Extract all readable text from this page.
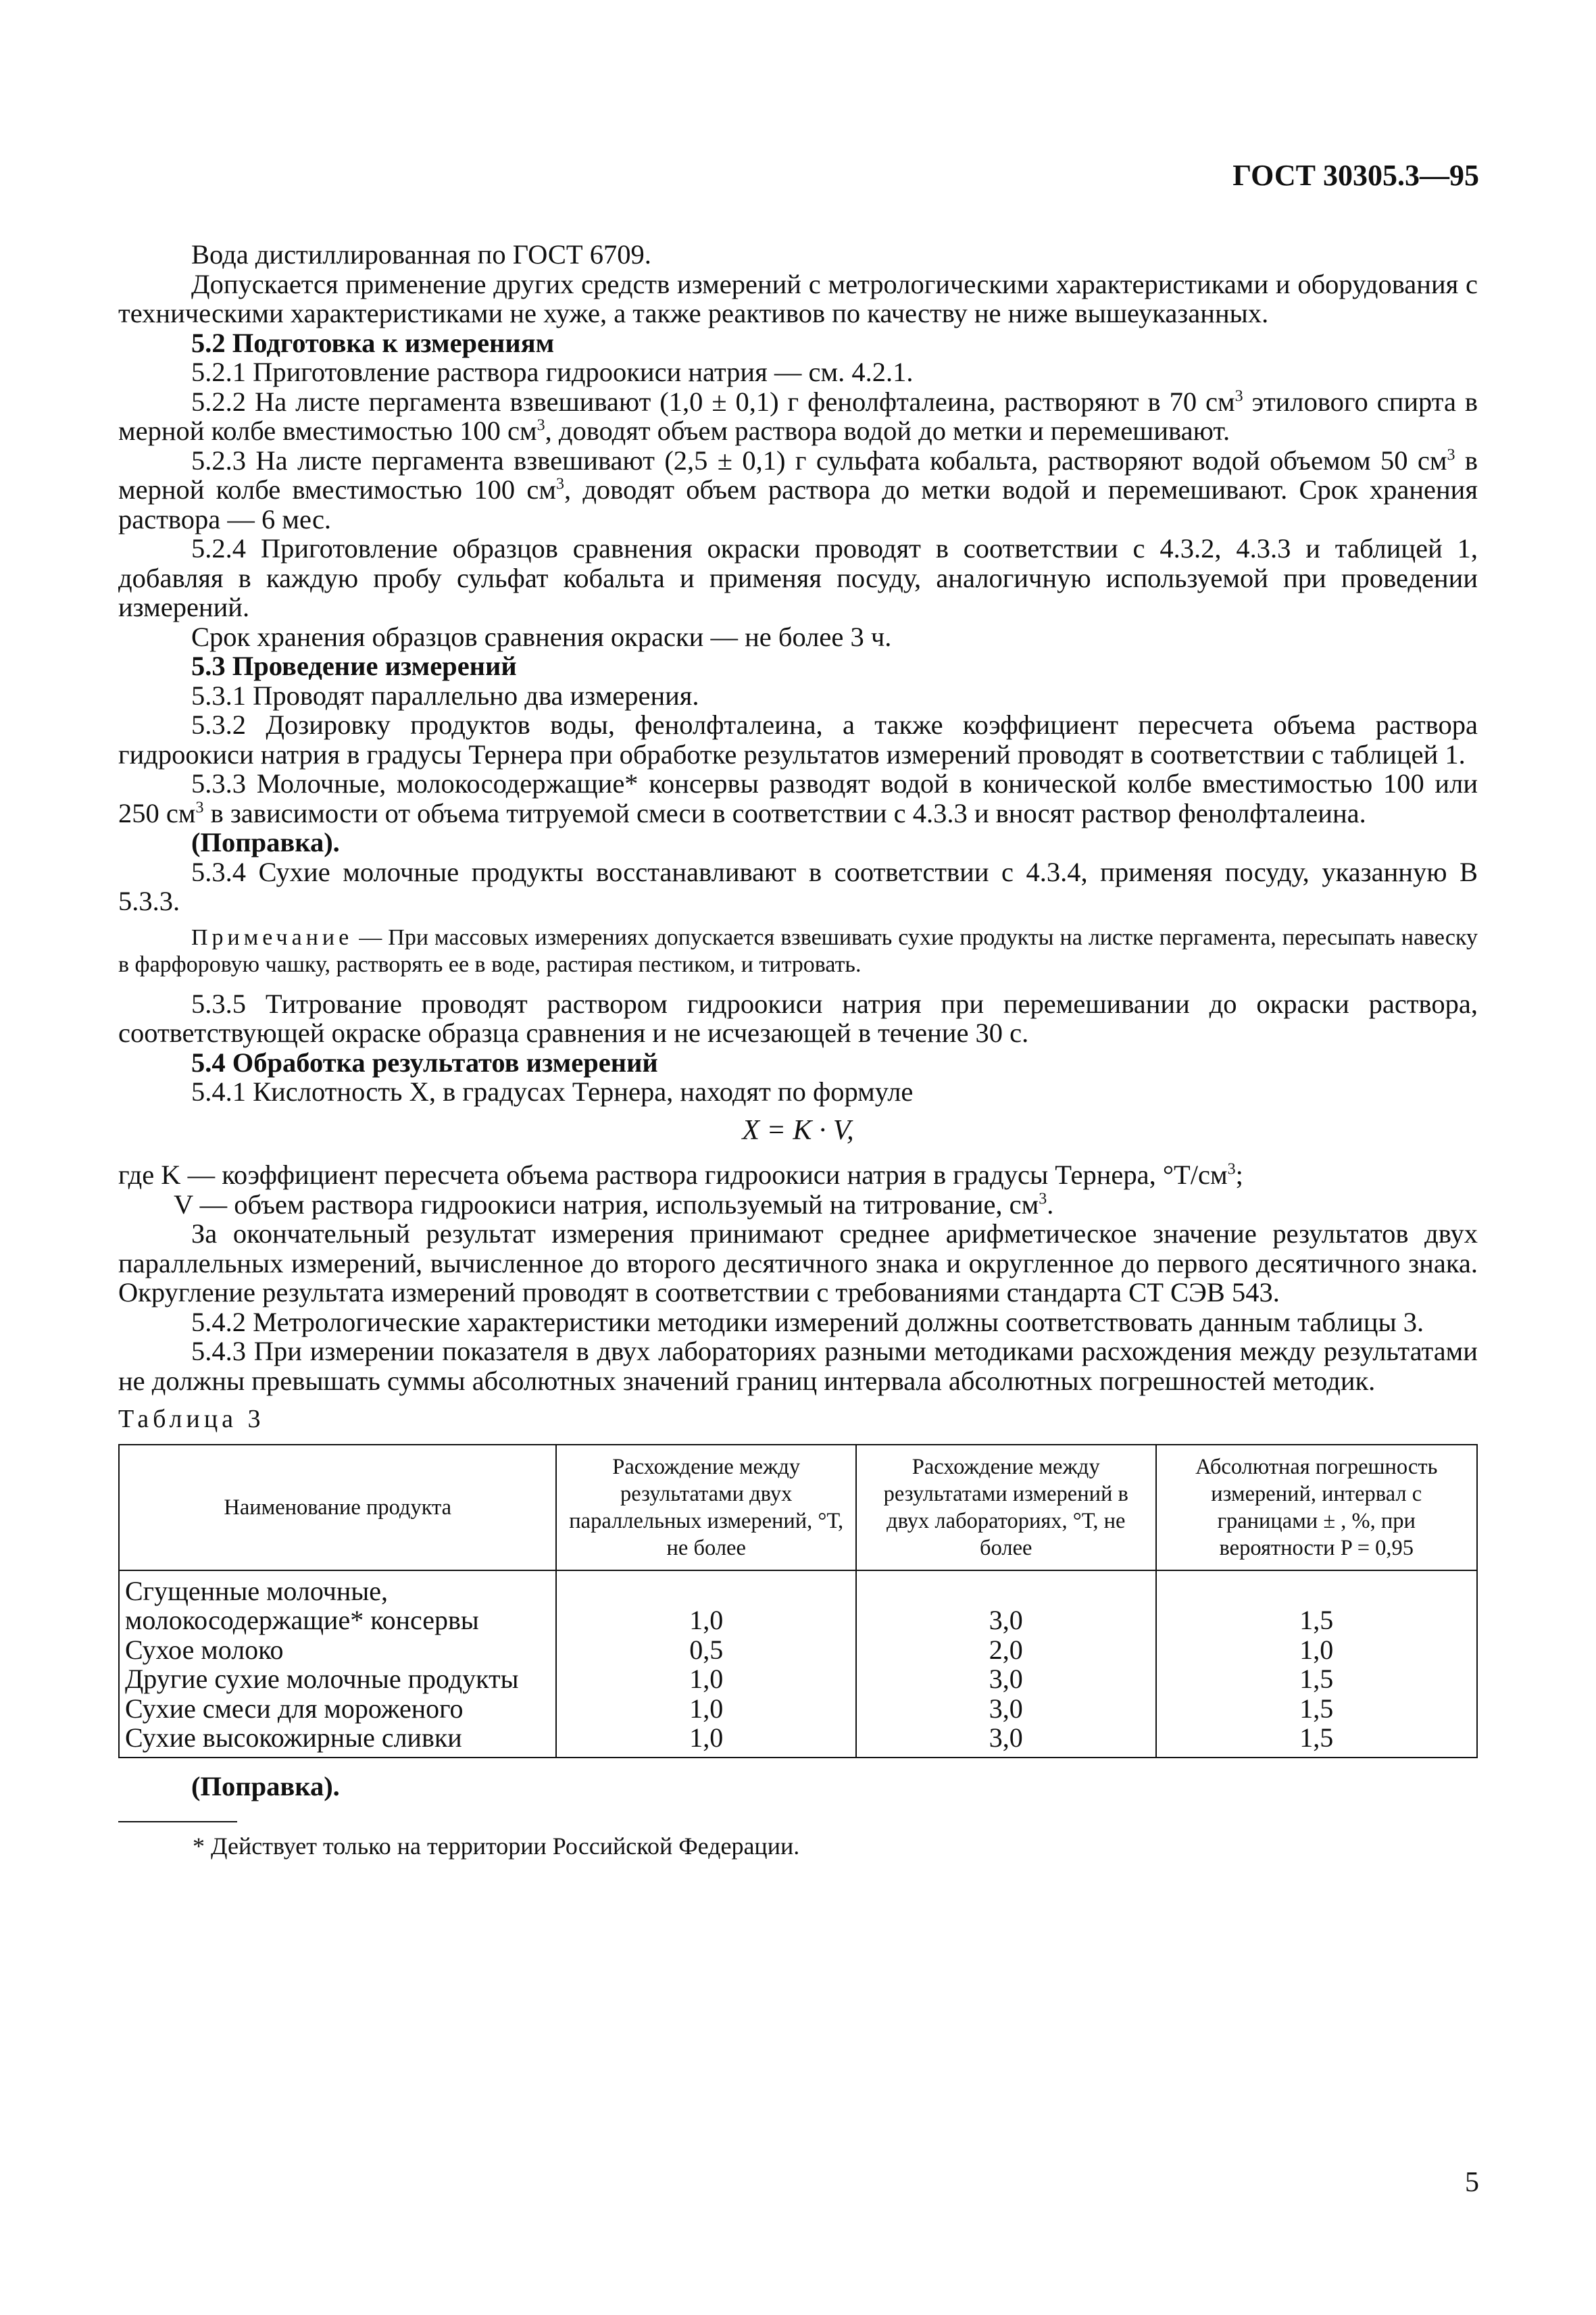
ГОСТ 30305.3—95

Вода дистиллированная по ГОСТ 6709.

Допускается применение других средств измерений с метрологическими характеристиками и оборудования с техническими характеристиками не хуже, а также реактивов по качеству не ниже вышеуказанных.

5.2 Подготовка к измерениям

5.2.1 Приготовление раствора гидроокиси натрия — см. 4.2.1.

5.2.2 На листе пергамента взвешивают (1,0 ± 0,1) г фенолфталеина, растворяют в 70 $см^3$ этилового спирта в мерной колбе вместимостью 100 $см^3$, доводят объем раствора водой до метки и перемешивают.

5.2.3 На листе пергамента взвешивают (2,5 ± 0,1) г сульфата кобальта, растворяют водой объемом 50 $см^3$ в мерной колбе вместимостью 100 $см^3$, доводят объем раствора до метки водой и перемешивают. Срок хранения раствора — 6 мес.

5.2.4 Приготовление образцов сравнения окраски проводят в соответствии с 4.3.2, 4.3.3 и таблицей 1, добавляя в каждую пробу сульфат кобальта и применяя посуду, аналогичную используемой при проведении измерений.

Срок хранения образцов сравнения окраски — не более 3 ч.

5.3 Проведение измерений

5.3.1 Проводят параллельно два измерения.

5.3.2 Дозировку продуктов воды, фенолфталеина, а также коэффициент пересчета объема раствора гидроокиси натрия в градусы Тернера при обработке результатов измерений проводят в соответствии с таблицей 1.

5.3.3 Молочные, молокосодержащие* консервы разводят водой в конической колбе вместимостью 100 или 250 $см^3$ в зависимости от объема титруемой смеси в соответствии с 4.3.3 и вносят раствор фенолфталеина.

(Поправка).

5.3.4 Сухие молочные продукты восстанавливают в соответствии с 4.3.4, применяя посуду, указанную В 5.3.3.

Примечание — При массовых измерениях допускается взвешивать сухие продукты на листке пергамента, пересыпать навеску в фарфоровую чашку, растворять ее в воде, растирая пестиком, и титровать.

5.3.5 Титрование проводят раствором гидроокиси натрия при перемешивании до окраски раствора, соответствующей окраске образца сравнения и не исчезающей в течение 30 с.

5.4 Обработка результатов измерений

5.4.1 Кислотность X, в градусах Тернера, находят по формуле

X = K · V,

где K — коэффициент пересчета объема раствора гидроокиси натрия в градусы Тернера, $^\circ Т/см^3$;

V — объем раствора гидроокиси натрия, используемый на титрование, $см^3$.

За окончательный результат измерения принимают среднее арифметическое значение результатов двух параллельных измерений, вычисленное до второго десятичного знака и округленное до первого десятичного знака. Округление результата измерений проводят в соответствии с требованиями стандарта СТ СЭВ 543.

5.4.2 Метрологические характеристики методики измерений должны соответствовать данным таблицы 3.

5.4.3 При измерении показателя в двух лабораториях разными методиками расхождения между результатами не должны превышать суммы абсолютных значений границ интервала абсолютных погрешностей методик.

Таблица 3

Наименование продукта	Расхождение между результатами двух параллельных измерений, °Т, не более	Расхождение между результатами измерений в двух лабораториях, °Т, не более	Абсолютная погрешность измерений, интервал с границами ± , %, при вероятности P = 0,95
Сгущенные молочные,			
молокосодержащие* консервы	1,0	3,0	1,5
Сухое молоко	0,5	2,0	1,0
Другие сухие молочные продукты	1,0	3,0	1,5
Сухие смеси для мороженого	1,0	3,0	1,5
Сухие высокожирные сливки	1,0	3,0	1,5

(Поправка).

* Действует только на территории Российской Федерации.

5
